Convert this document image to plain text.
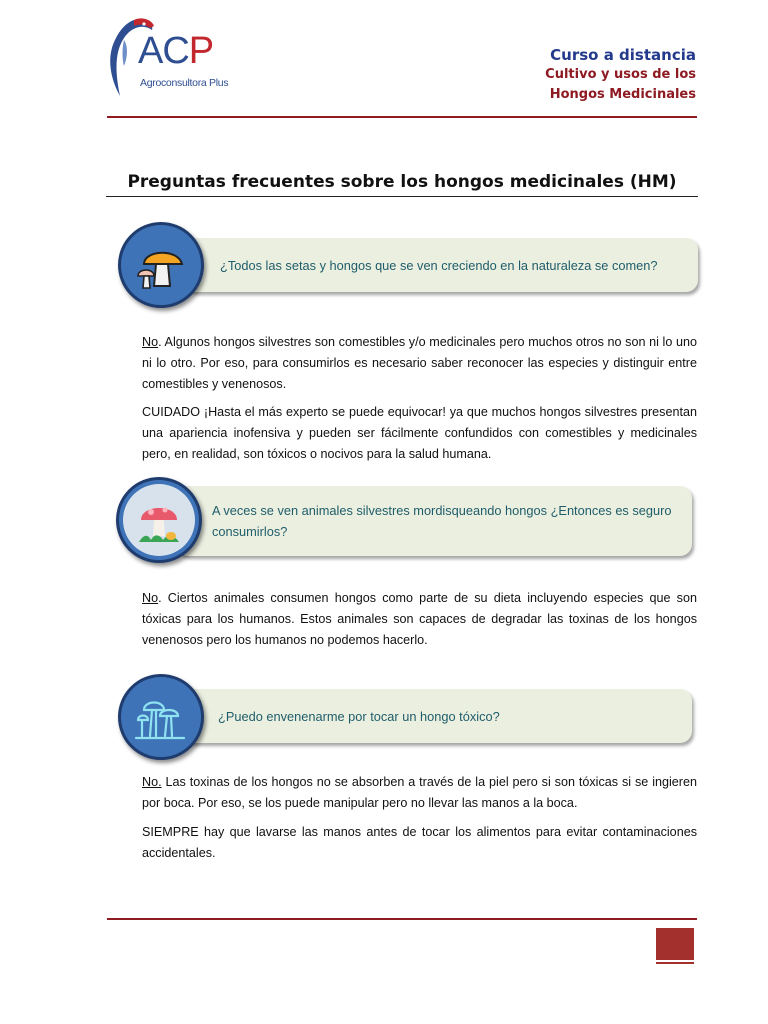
ACP
Agroconsultora Plus
Curso a distancia
Cultivo y usos de los
Hongos Medicinales
Preguntas frecuentes sobre los hongos medicinales (HM)
¿Todos las setas y hongos que se ven creciendo en la naturaleza se comen?
No. Algunos hongos silvestres son comestibles y/o medicinales pero muchos otros no son ni lo uno ni lo otro. Por eso, para consumirlos es necesario saber reconocer las especies y distinguir entre comestibles y venenosos.
CUIDADO ¡Hasta el más experto se puede equivocar! ya que muchos hongos silvestres presentan una apariencia inofensiva y pueden ser fácilmente confundidos con comestibles y medicinales pero, en realidad, son tóxicos o nocivos para la salud humana.
A veces se ven animales silvestres mordisqueando hongos ¿Entonces es seguro consumirlos?
No. Ciertos animales consumen hongos como parte de su dieta incluyendo especies que son tóxicas para los humanos. Estos animales son capaces de degradar las toxinas de los hongos venenosos pero los humanos no podemos hacerlo.
¿Puedo envenenarme por tocar un hongo tóxico?
No. Las toxinas de los hongos no se absorben a través de la piel pero si son tóxicas si se ingieren por boca. Por eso, se los puede manipular pero no llevar las manos a la boca.
SIEMPRE hay que lavarse las manos antes de tocar los alimentos para evitar contaminaciones accidentales.
